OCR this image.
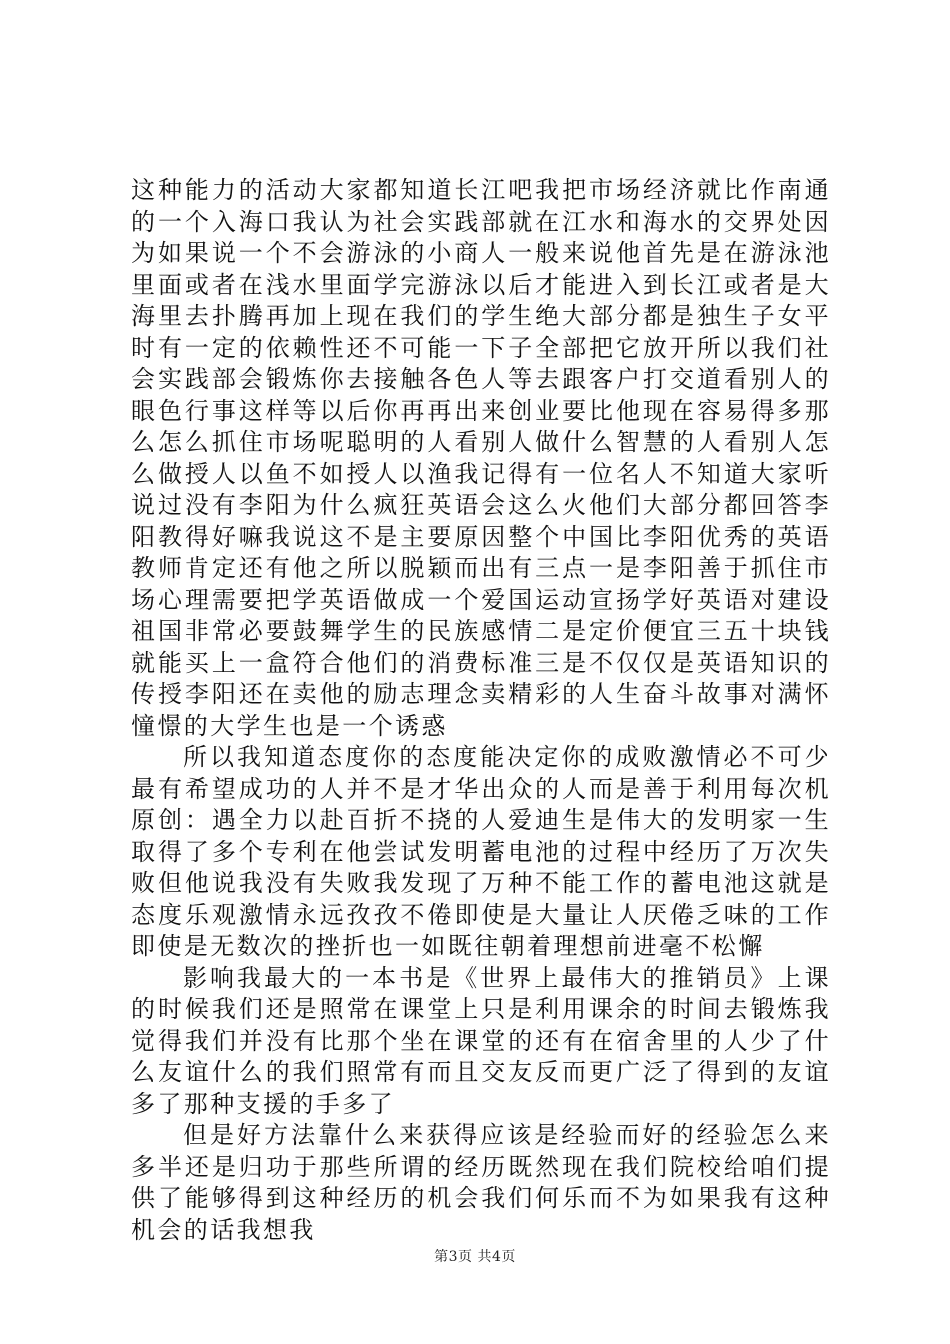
这种能力的活动大家都知道长江吧我把市场经济就比作南通的一个入海口我认为社会实践部就在江水和海水的交界处因为如果说一个不会游泳的小商人一般来说他首先是在游泳池里面或者在浅水里面学完游泳以后才能进入到长江或者是大海里去扑腾再加上现在我们的学生绝大部分都是独生子女平时有一定的依赖性还不可能一下子全部把它放开所以我们社会实践部会锻炼你去接触各色人等去跟客户打交道看别人的眼色行事这样等以后你再再出来创业要比他现在容易得多那么怎么抓住市场呢聪明的人看别人做什么智慧的人看别人怎么做授人以鱼不如授人以渔我记得有一位名人不知道大家听说过没有李阳为什么疯狂英语会这么火他们大部分都回答李阳教得好嘛我说这不是主要原因整个中国比李阳优秀的英语教师肯定还有他之所以脱颖而出有三点一是李阳善于抓住市场心理需要把学英语做成一个爱国运动宣扬学好英语对建设祖国非常必要鼓舞学生的民族感情二是定价便宜三五十块钱就能买上一盒符合他们的消费标准三是不仅仅是英语知识的传授李阳还在卖他的励志理念卖精彩的人生奋斗故事对满怀憧憬的大学生也是一个诱惑

所以我知道态度你的态度能决定你的成败激情必不可少最有希望成功的人并不是才华出众的人而是善于利用每次机原创：遇全力以赴百折不挠的人爱迪生是伟大的发明家一生取得了多个专利在他尝试发明蓄电池的过程中经历了万次失败但他说我没有失败我发现了万种不能工作的蓄电池这就是态度乐观激情永远孜孜不倦即使是大量让人厌倦乏味的工作即使是无数次的挫折也一如既往朝着理想前进毫不松懈

影响我最大的一本书是《世界上最伟大的推销员》上课的时候我们还是照常在课堂上只是利用课余的时间去锻炼我觉得我们并没有比那个坐在课堂的还有在宿舍里的人少了什么友谊什么的我们照常有而且交友反而更广泛了得到的友谊多了那种支援的手多了

但是好方法靠什么来获得应该是经验而好的经验怎么来多半还是归功于那些所谓的经历既然现在我们院校给咱们提供了能够得到这种经历的机会我们何乐而不为如果我有这种机会的话我想我

第3页 共4页
